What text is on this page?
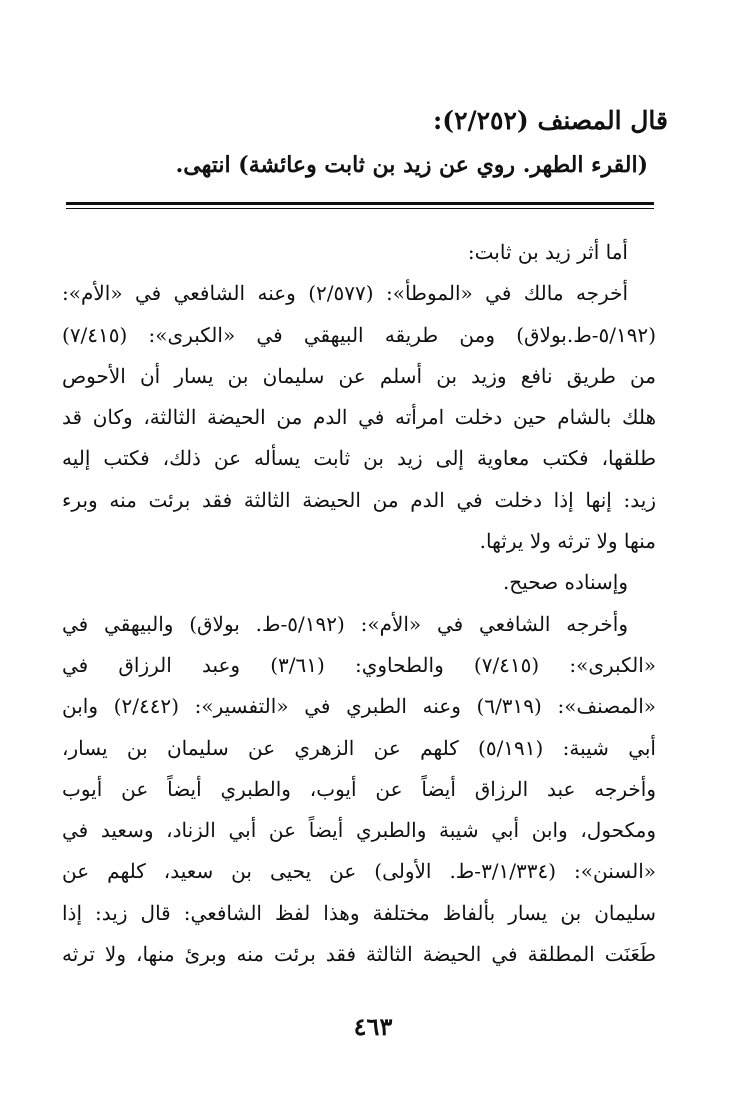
قال المصنف (٢/٢٥٢):
(القرء الطهر. روي عن زيد بن ثابت وعائشة) انتهى.
أما أثر زيد بن ثابت:
أخرجه مالك في «الموطأ»: (٢/٥٧٧) وعنه الشافعي في «الأم»:
(٥/١٩٢-ط.بولاق) ومن طريقه البيهقي في «الكبرى»: (٧/٤١٥)
من طريق نافع وزيد بن أسلم عن سليمان بن يسار أن الأحوص
هلك بالشام حين دخلت امرأته في الدم من الحيضة الثالثة، وكان قد
طلقها، فكتب معاوية إلى زيد بن ثابت يسأله عن ذلك، فكتب إليه
زيد: إنها إذا دخلت في الدم من الحيضة الثالثة فقد برئت منه وبرء
منها ولا ترثه ولا يرثها.
وإسناده صحيح.
وأخرجه الشافعي في «الأم»: (٥/١٩٢-ط. بولاق) والبيهقي في
«الكبرى»: (٧/٤١٥) والطحاوي: (٣/٦١) وعبد الرزاق في
«المصنف»: (٦/٣١٩) وعنه الطبري في «التفسير»: (٢/٤٤٢) وابن
أبي شيبة: (٥/١٩١) كلهم عن الزهري عن سليمان بن يسار،
وأخرجه عبد الرزاق أيضاً عن أيوب، والطبري أيضاً عن أيوب
ومكحول، وابن أبي شيبة والطبري أيضاً عن أبي الزناد، وسعيد في
«السنن»: (٣/١/٣٣٤-ط. الأولى) عن يحيى بن سعيد، كلهم عن
سليمان بن يسار بألفاظ مختلفة وهذا لفظ الشافعي: قال زيد: إذا
طَعَنَت المطلقة في الحيضة الثالثة فقد برئت منه وبرئ منها، ولا ترثه
٤٦٣
